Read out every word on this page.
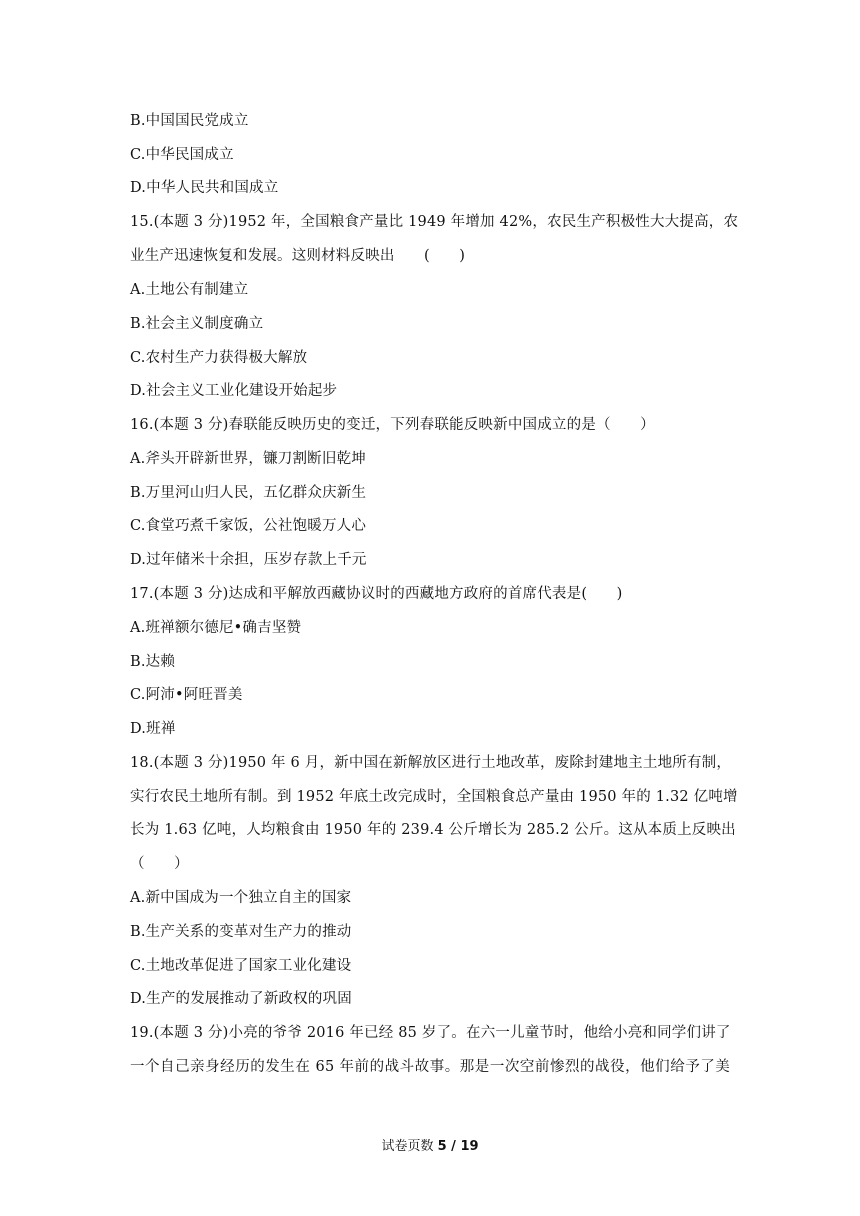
B.中国国民党成立
C.中华民国成立
D.中华人民共和国成立
15.(本题 3 分)1952 年，全国粮食产量比 1949 年增加 42%，农民生产积极性大大提高，农
业生产迅速恢复和发展。这则材料反映出　　(　　)
A.土地公有制建立
B.社会主义制度确立
C.农村生产力获得极大解放
D.社会主义工业化建设开始起步
16.(本题 3 分)春联能反映历史的变迁，下列春联能反映新中国成立的是（　　）
A.斧头开辟新世界，镰刀割断旧乾坤
B.万里河山归人民，五亿群众庆新生
C.食堂巧煮千家饭，公社饱暖万人心
D.过年储米十余担，压岁存款上千元
17.(本题 3 分)达成和平解放西藏协议时的西藏地方政府的首席代表是(　　)
A.班禅额尔德尼•确吉坚赞
B.达赖
C.阿沛•阿旺晋美
D.班禅
18.(本题 3 分)1950 年 6 月，新中国在新解放区进行土地改革，废除封建地主土地所有制，
实行农民土地所有制。到 1952 年底土改完成时，全国粮食总产量由 1950 年的 1.32 亿吨增
长为 1.63 亿吨，人均粮食由 1950 年的 239.4 公斤增长为 285.2 公斤。这从本质上反映出
（　　）
A.新中国成为一个独立自主的国家
B.生产关系的变革对生产力的推动
C.土地改革促进了国家工业化建设
D.生产的发展推动了新政权的巩固
19.(本题 3 分)小亮的爷爷 2016 年已经 85 岁了。在六一儿童节时，他给小亮和同学们讲了
一个自己亲身经历的发生在 65 年前的战斗故事。那是一次空前惨烈的战役，他们给予了美
试卷页数 5 / 19
